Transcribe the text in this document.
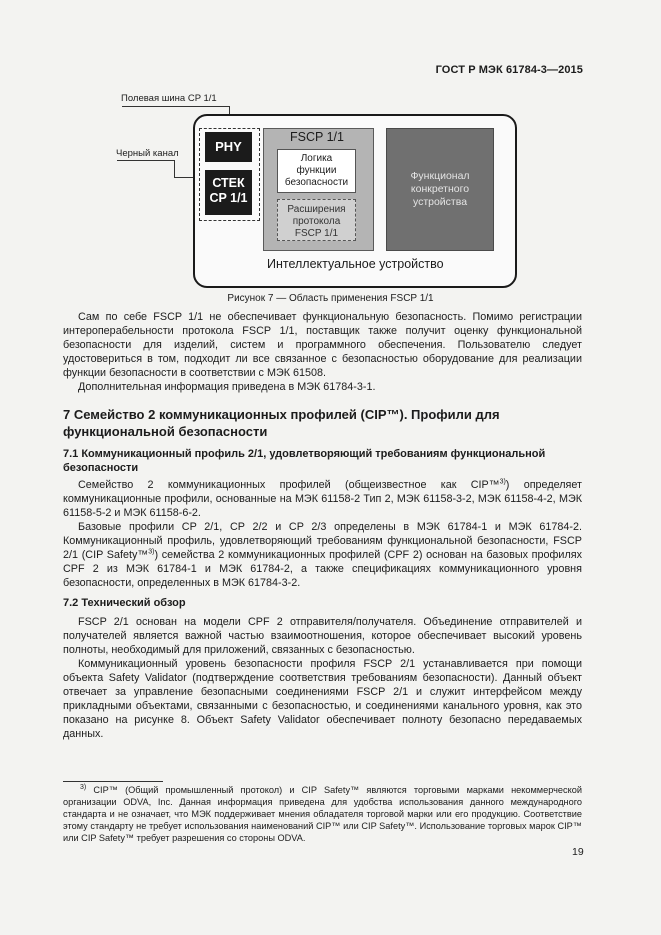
ГОСТ Р МЭК 61784-3—2015
Полевая шина CP 1/1
Черный канал	PHY
СТЕК
CP 1/1
FSCP 1/1
Логика
функции
безопасности
Расширения
протокола
FSCP 1/1
Функционал
конкретного
устройства
Интеллектуальное устройство
Рисунок 7 — Область применения FSCP 1/1

Сам по себе FSCP 1/1 не обеспечивает функциональную безопасность. Помимо регистрации интероперабельности протокола FSCP 1/1, поставщик также получит оценку функциональной безопасности для изделий, систем и программного обеспечения. Пользователю следует удостовериться в том, подходит ли все связанное с безопасностью оборудование для реализации функции безопасности в соответствии с МЭК 61508.

Дополнительная информация приведена в МЭК 61784-3-1.

7 Семейство 2 коммуникационных профилей (CIP™). Профили для функциональной безопасности
7.1 Коммуникационный профиль 2/1, удовлетворяющий требованиям функциональной безопасности

Семейство 2 коммуникационных профилей (общеизвестное как CIP™$^{3)}$) определяет коммуникационные профили, основанные на МЭК 61158-2 Тип 2, МЭК 61158-3-2, МЭК 61158-4-2, МЭК 61158-5-2 и МЭК 61158-6-2.

Базовые профили CP 2/1, CP 2/2 и CP 2/3 определены в МЭК 61784-1 и МЭК 61784-2. Коммуникационный профиль, удовлетворяющий требованиям функциональной безопасности, FSCP 2/1 (CIP Safety™$^{3)}$) семейства 2 коммуникационных профилей (CPF 2) основан на базовых профилях CPF 2 из МЭК 61784-1 и МЭК 61784-2, а также спецификациях коммуникационного уровня безопасности, определенных в МЭК 61784-3-2.

7.2 Технический обзор

FSCP 2/1 основан на модели CPF 2 отправителя/получателя. Объединение отправителей и получателей является важной частью взаимоотношения, которое обеспечивает высокий уровень полноты, необходимый для приложений, связанных с безопасностью.

Коммуникационный уровень безопасности профиля FSCP 2/1 устанавливается при помощи объекта Safety Validator (подтверждение соответствия требованиям безопасности). Данный объект отвечает за управление безопасными соединениями FSCP 2/1 и служит интерфейсом между прикладными объектами, связанными с безопасностью, и соединениями канального уровня, как это показано на рисунке 8. Объект Safety Validator обеспечивает полноту безопасно передаваемых данных.

$^{3)}$ CIP™ (Общий промышленный протокол) и CIP Safety™ являются торговыми марками некоммерческой организации ODVA, Inc. Данная информация приведена для удобства использования данного международного стандарта и не означает, что МЭК поддерживает мнения обладателя торговой марки или его продукцию. Соответствие этому стандарту не требует использования наименований CIP™ или CIP Safety™. Использование торговых марок CIP™ или CIP Safety™ требует разрешения со стороны ODVA.

19
